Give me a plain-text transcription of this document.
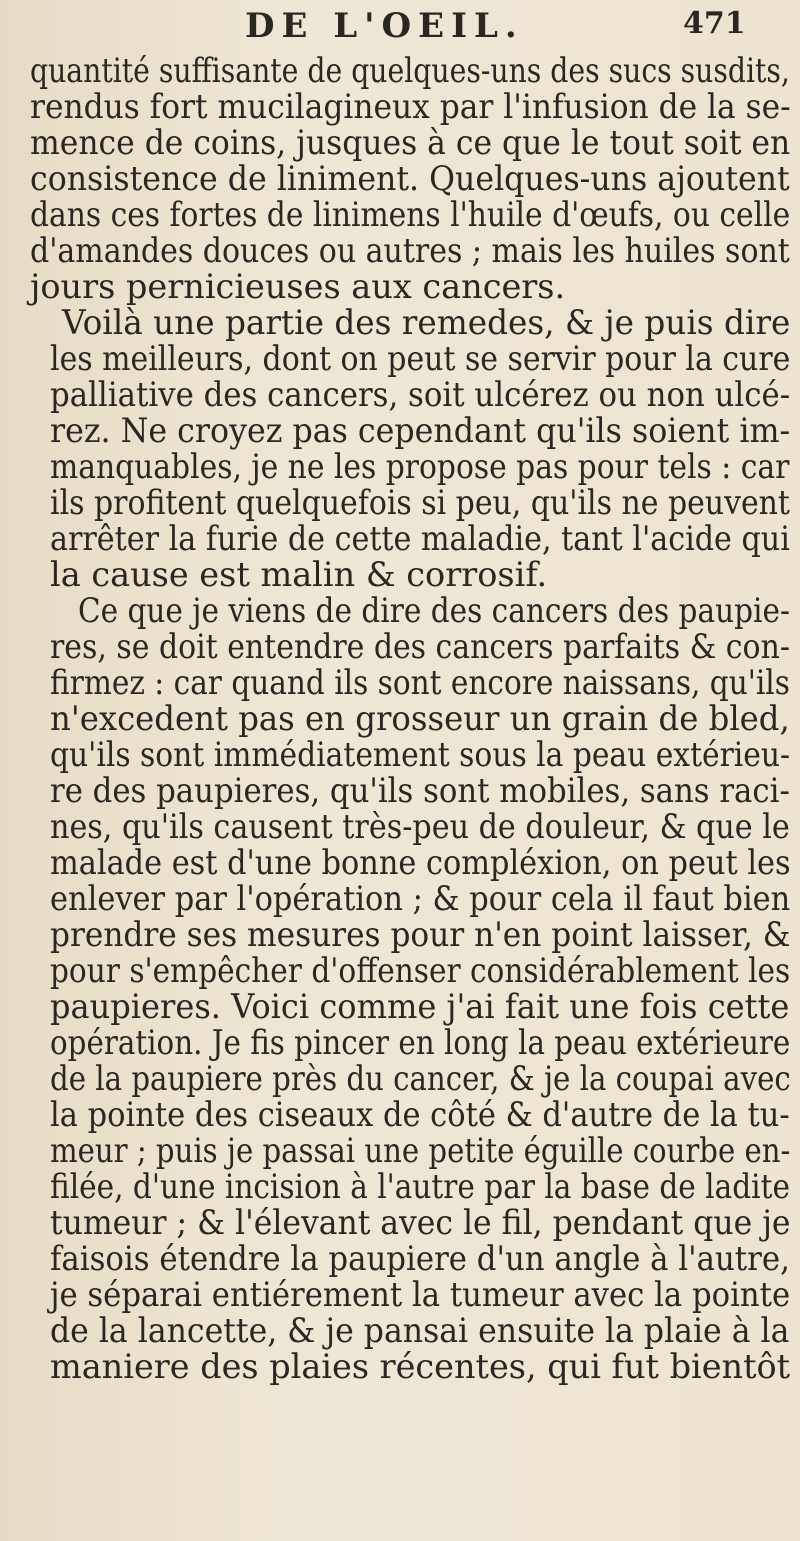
DE L'OEIL.	471
quantité suffisante de quelques-uns des sucs susdits,
rendus fort mucilagineux par l'infusion de la se-
mence de coins, jusques à ce que le tout soit en
consistence de liniment. Quelques-uns ajoutent
dans ces fortes de linimens l'huile d'œufs, ou celle
d'amandes douces ou autres ; mais les huiles sont
jours pernicieuses aux cancers.
Voilà une partie des remedes, & je puis dire
les meilleurs, dont on peut se servir pour la cure
palliative des cancers, soit ulcérez ou non ulcé-
rez. Ne croyez pas cependant qu'ils soient im-
manquables, je ne les propose pas pour tels : car
ils profitent quelquefois si peu, qu'ils ne peuvent
arrêter la furie de cette maladie, tant l'acide qui
la cause est malin & corrosif.
Ce que je viens de dire des cancers des paupie-
res, se doit entendre des cancers parfaits & con-
firmez : car quand ils sont encore naissans, qu'ils
n'excedent pas en grosseur un grain de bled,
qu'ils sont immédiatement sous la peau extérieu-
re des paupieres, qu'ils sont mobiles, sans raci-
nes, qu'ils causent très-peu de douleur, & que le
malade est d'une bonne compléxion, on peut les
enlever par l'opération ; & pour cela il faut bien
prendre ses mesures pour n'en point laisser, &
pour s'empêcher d'offenser considérablement les
paupieres. Voici comme j'ai fait une fois cette
opération. Je fis pincer en long la peau extérieure
de la paupiere près du cancer, & je la coupai avec
la pointe des ciseaux de côté & d'autre de la tu-
meur ; puis je passai une petite éguille courbe en-
filée, d'une incision à l'autre par la base de ladite
tumeur ; & l'élevant avec le fil, pendant que je
faisois étendre la paupiere d'un angle à l'autre,
je séparai entiérement la tumeur avec la pointe
de la lancette, & je pansai ensuite la plaie à la
maniere des plaies récentes, qui fut bientôt
